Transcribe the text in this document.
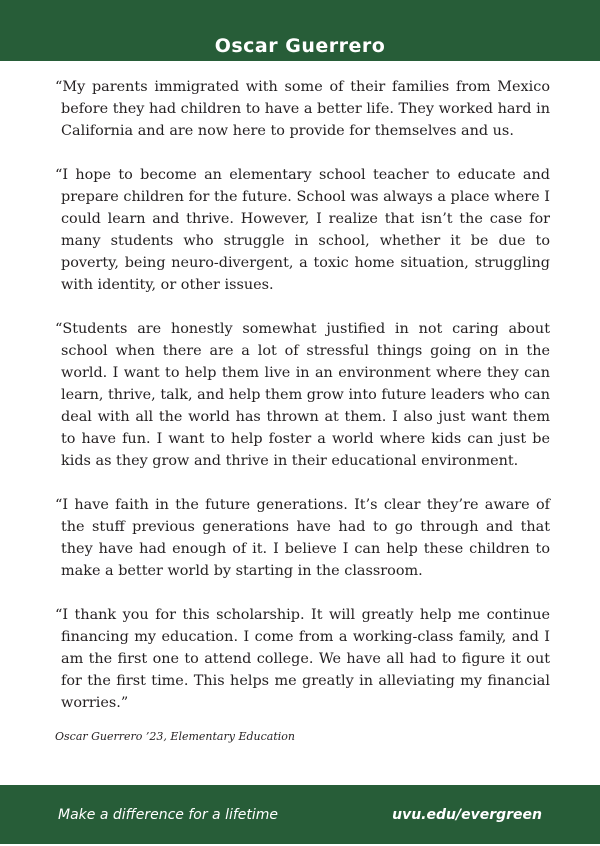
Oscar Guerrero

“My parents immigrated with some of their families from Mexico before they had children to have a better life. They worked hard in California and are now here to provide for themselves and us.

“I hope to become an elementary school teacher to educate and prepare children for the future. School was always a place where I could learn and thrive. However, I realize that isn’t the case for many students who struggle in school, whether it be due to poverty, being neuro-divergent, a toxic home situation, struggling with identity, or other issues.

“Students are honestly somewhat justified in not caring about school when there are a lot of stressful things going on in the world. I want to help them live in an environment where they can learn, thrive, talk, and help them grow into future leaders who can deal with all the world has thrown at them. I also just want them to have fun. I want to help foster a world where kids can just be kids as they grow and thrive in their educational environment.

“I have faith in the future generations. It’s clear they’re aware of the stuff previous generations have had to go through and that they have had enough of it. I believe I can help these children to make a better world by starting in the classroom.

“I thank you for this scholarship. It will greatly help me continue financing my education. I come from a working-class family, and I am the first one to attend college. We have all had to figure it out for the first time. This helps me greatly in alleviating my financial worries.”

Oscar Guerrero ’23, Elementary Education
Make a difference for a lifetime	uvu.edu/evergreen
